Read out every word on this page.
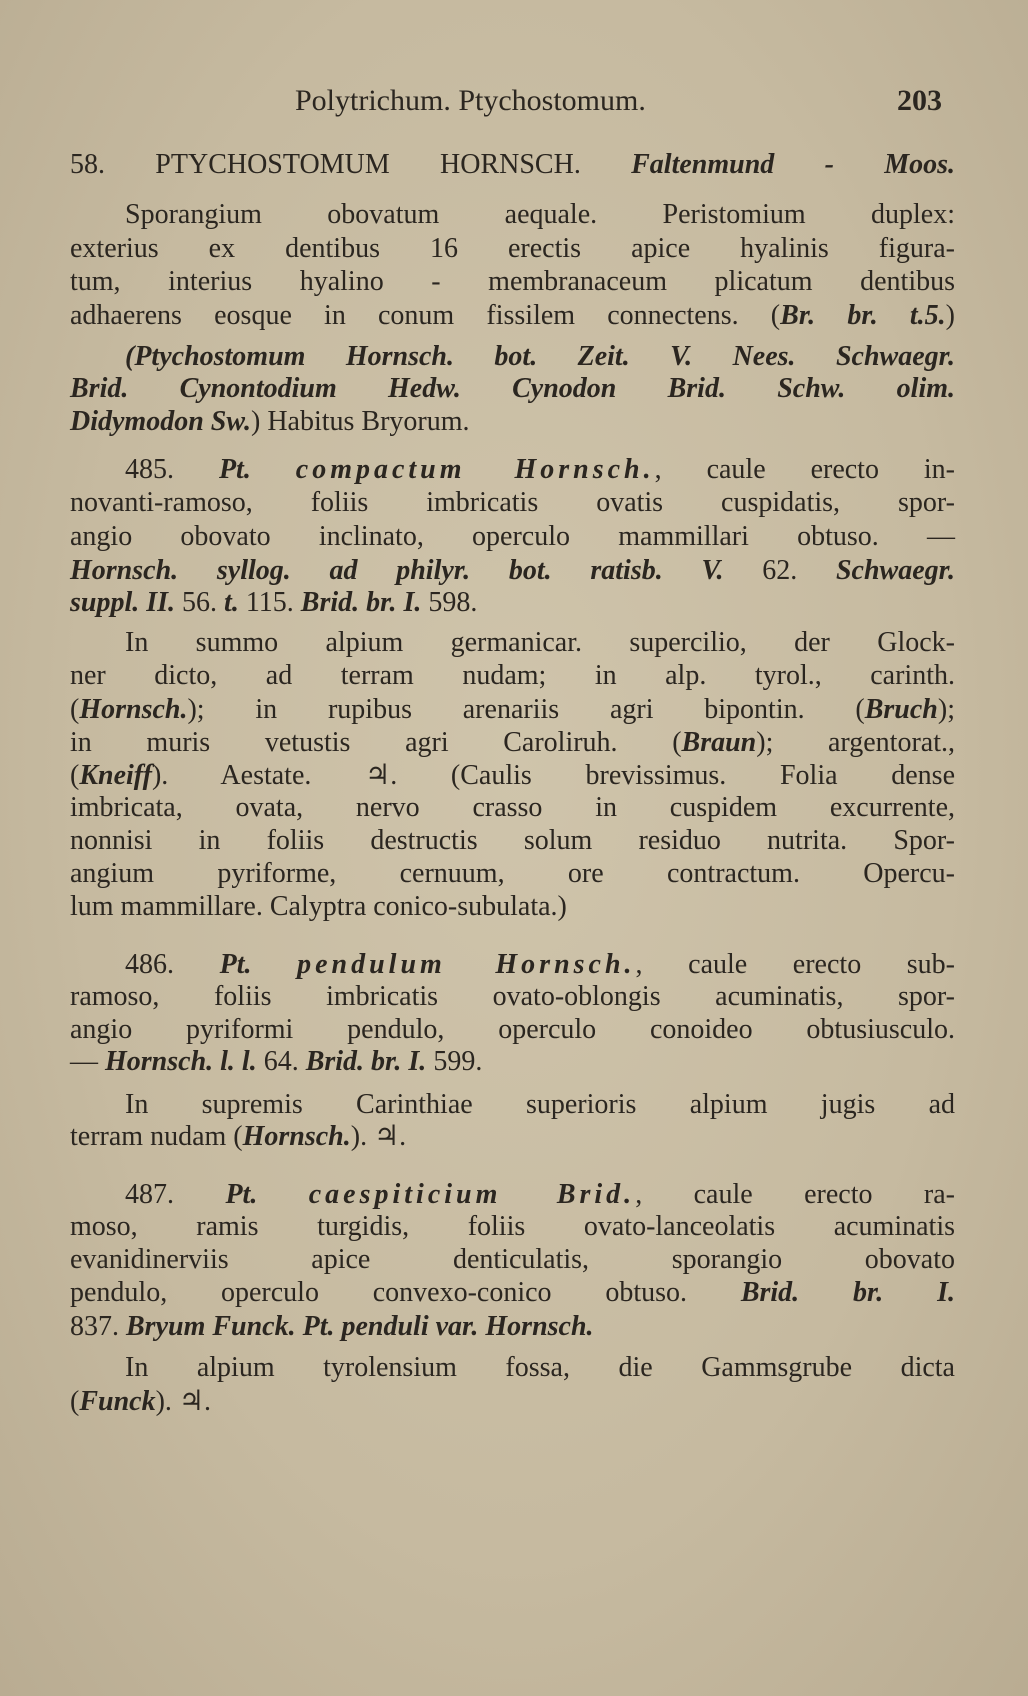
Polytrichum. Ptychostomum.	203
58. PTYCHOSTOMUM HORNSCH. Faltenmund - Moos.
Sporangium obovatum aequale. Peristomium duplex:
exterius ex dentibus 16 erectis apice hyalinis figura-
tum, interius hyalino - membranaceum plicatum dentibus
adhaerens eosque in conum fissilem connectens. (Br. br. t.5.)
(Ptychostomum Hornsch. bot. Zeit. V. Nees. Schwaegr.
Brid. Cynontodium Hedw. Cynodon Brid. Schw. olim.
Didymodon Sw.) Habitus Bryorum.
485. Pt. compactum Hornsch., caule erecto in-
novanti-ramoso, foliis imbricatis ovatis cuspidatis, spor-
angio obovato inclinato, operculo mammillari obtuso. —
Hornsch. syllog. ad philyr. bot. ratisb. V. 62. Schwaegr.
suppl. II. 56. t. 115. Brid. br. I. 598.
In summo alpium germanicar. supercilio, der Glock-
ner dicto, ad terram nudam; in alp. tyrol., carinth.
(Hornsch.); in rupibus arenariis agri bipontin. (Bruch);
in muris vetustis agri Caroliruh. (Braun); argentorat.,
(Kneiff). Aestate. ♃. (Caulis brevissimus. Folia dense
imbricata, ovata, nervo crasso in cuspidem excurrente,
nonnisi in foliis destructis solum residuo nutrita. Spor-
angium pyriforme, cernuum, ore contractum. Opercu-
lum mammillare. Calyptra conico-subulata.)
486. Pt. pendulum Hornsch., caule erecto sub-
ramoso, foliis imbricatis ovato-oblongis acuminatis, spor-
angio pyriformi pendulo, operculo conoideo obtusiusculo.
— Hornsch. l. l. 64. Brid. br. I. 599.
In supremis Carinthiae superioris alpium jugis ad
terram nudam (Hornsch.). ♃.
487. Pt. caespiticium Brid., caule erecto ra-
moso, ramis turgidis, foliis ovato-lanceolatis acuminatis
evanidinerviis apice denticulatis, sporangio obovato
pendulo, operculo convexo-conico obtuso. Brid. br. I.
837. Bryum Funck. Pt. penduli var. Hornsch.
In alpium tyrolensium fossa, die Gammsgrube dicta
(Funck). ♃.
